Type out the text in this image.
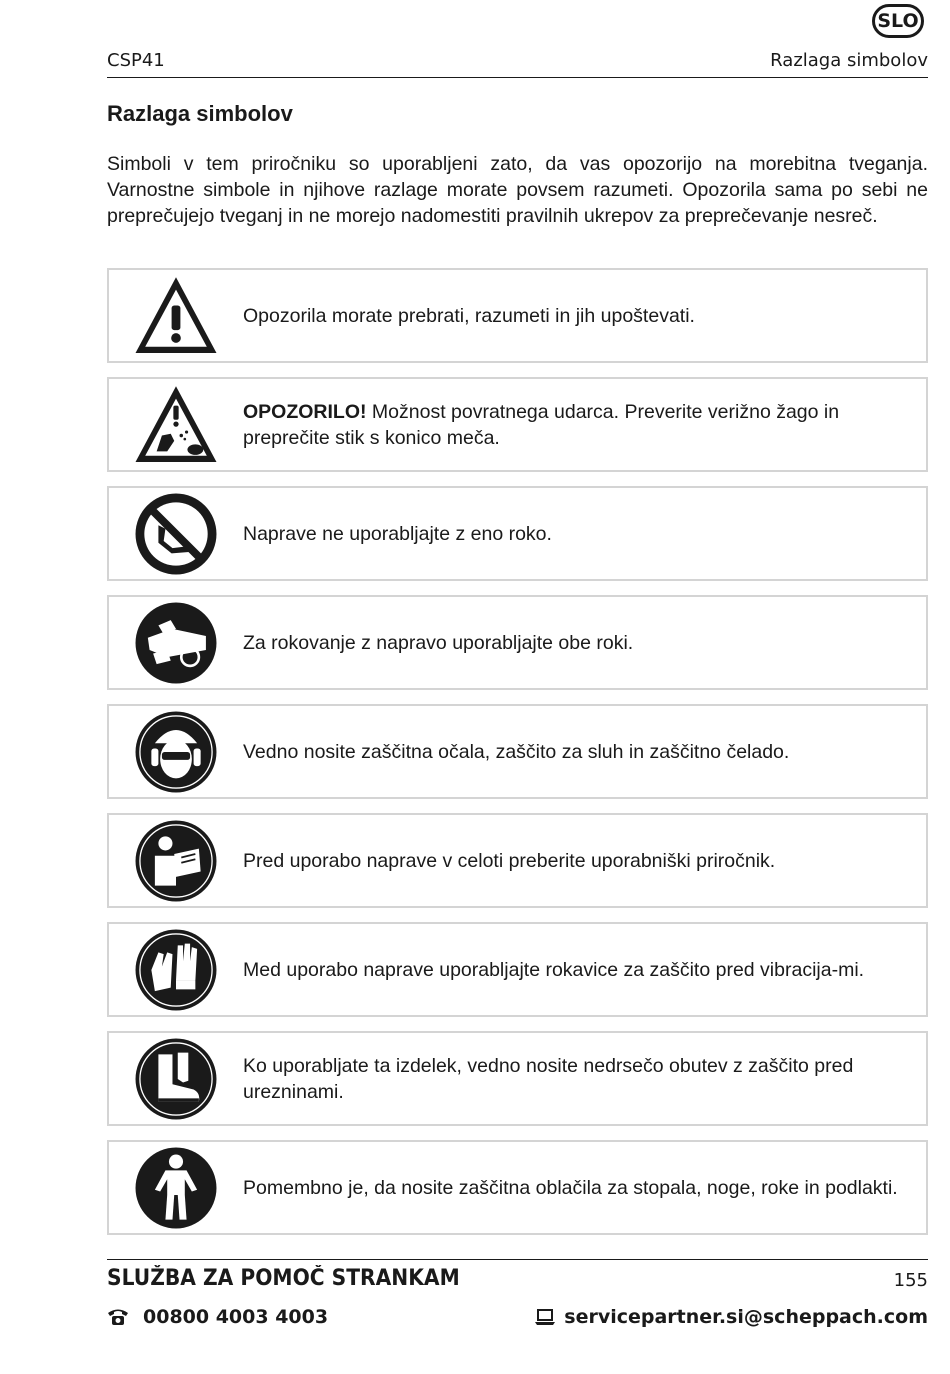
SLO
CSP41	Razlaga simbolov
Razlaga simbolov

Simboli v tem priročniku so uporabljeni zato, da vas opozorijo na morebitna tveganja. Varnostne simbole in njihove razlage morate povsem razumeti. Opozorila sama po sebi ne preprečujejo tveganj in ne morejo nadomestiti pravilnih ukrepov za preprečevanje nesreč.

Opozorila morate prebrati, razumeti in jih upoštevati.
OPOZORILO! Možnost povratnega udarca. Preverite verižno žago in preprečite stik s konico meča.
Naprave ne uporabljajte z eno roko.
Za rokovanje z napravo uporabljajte obe roki.
Vedno nosite zaščitna očala, zaščito za sluh in zaščitno čelado.
Pred uporabo naprave v celoti preberite uporabniški priročnik.
Med uporabo naprave uporabljajte rokavice za zaščito pred vibracija-mi.
Ko uporabljate ta izdelek, vedno nosite nedrsečo obutev z zaščito pred urezninami.
Pomembno je, da nosite zaščitna oblačila za stopala, noge, roke in podlakti.
SLUŽBA ZA POMOČ STRANKAM	155
00800 4003 4003	servicepartner.si@scheppach.com
